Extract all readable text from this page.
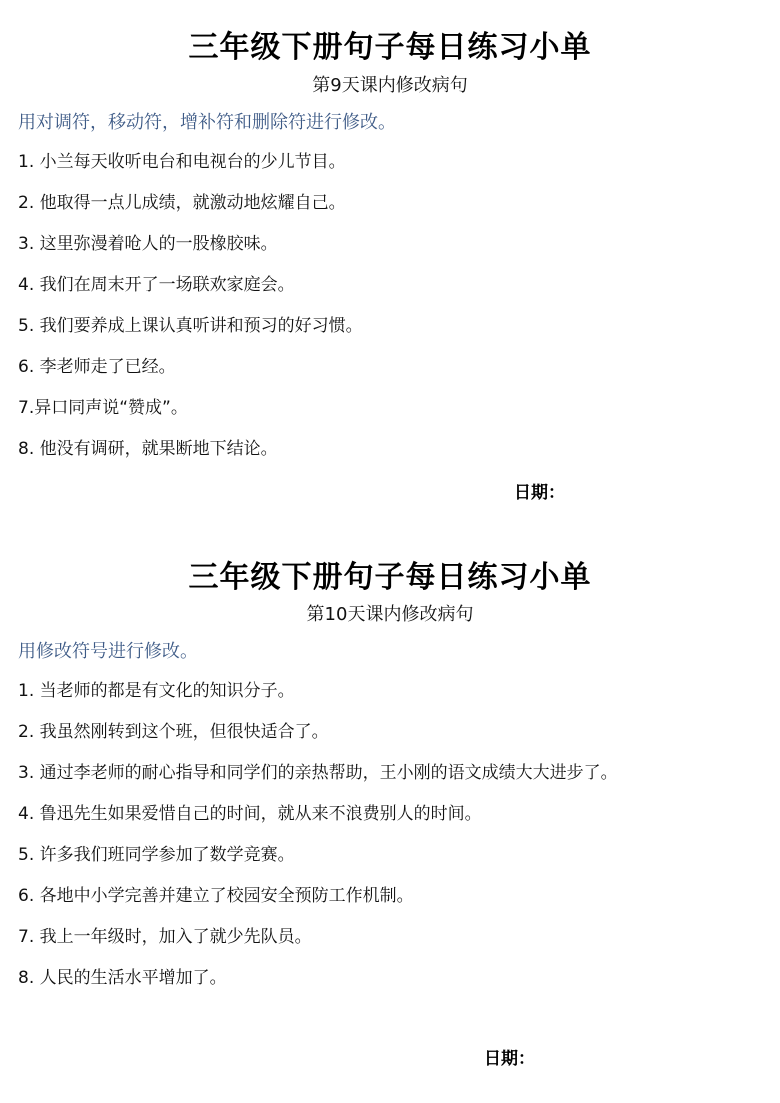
三年级下册句子每日练习小单
第9天课内修改病句
用对调符，移动符，增补符和删除符进行修改。
1. 小兰每天收听电台和电视台的少儿节目。
2. 他取得一点儿成绩，就激动地炫耀自己。
3. 这里弥漫着呛人的一股橡胶味。
4. 我们在周末开了一场联欢家庭会。
5. 我们要养成上课认真听讲和预习的好习惯。
6. 李老师走了已经。
7.异口同声说“赞成”。
8. 他没有调研，就果断地下结论。
日期：
三年级下册句子每日练习小单
第10天课内修改病句
用修改符号进行修改。
1. 当老师的都是有文化的知识分子。
2. 我虽然刚转到这个班，但很快适合了。
3. 通过李老师的耐心指导和同学们的亲热帮助，王小刚的语文成绩大大进步了。
4. 鲁迅先生如果爱惜自己的时间，就从来不浪费别人的时间。
5. 许多我们班同学参加了数学竞赛。
6. 各地中小学完善并建立了校园安全预防工作机制。
7. 我上一年级时，加入了就少先队员。
8. 人民的生活水平增加了。
日期：
